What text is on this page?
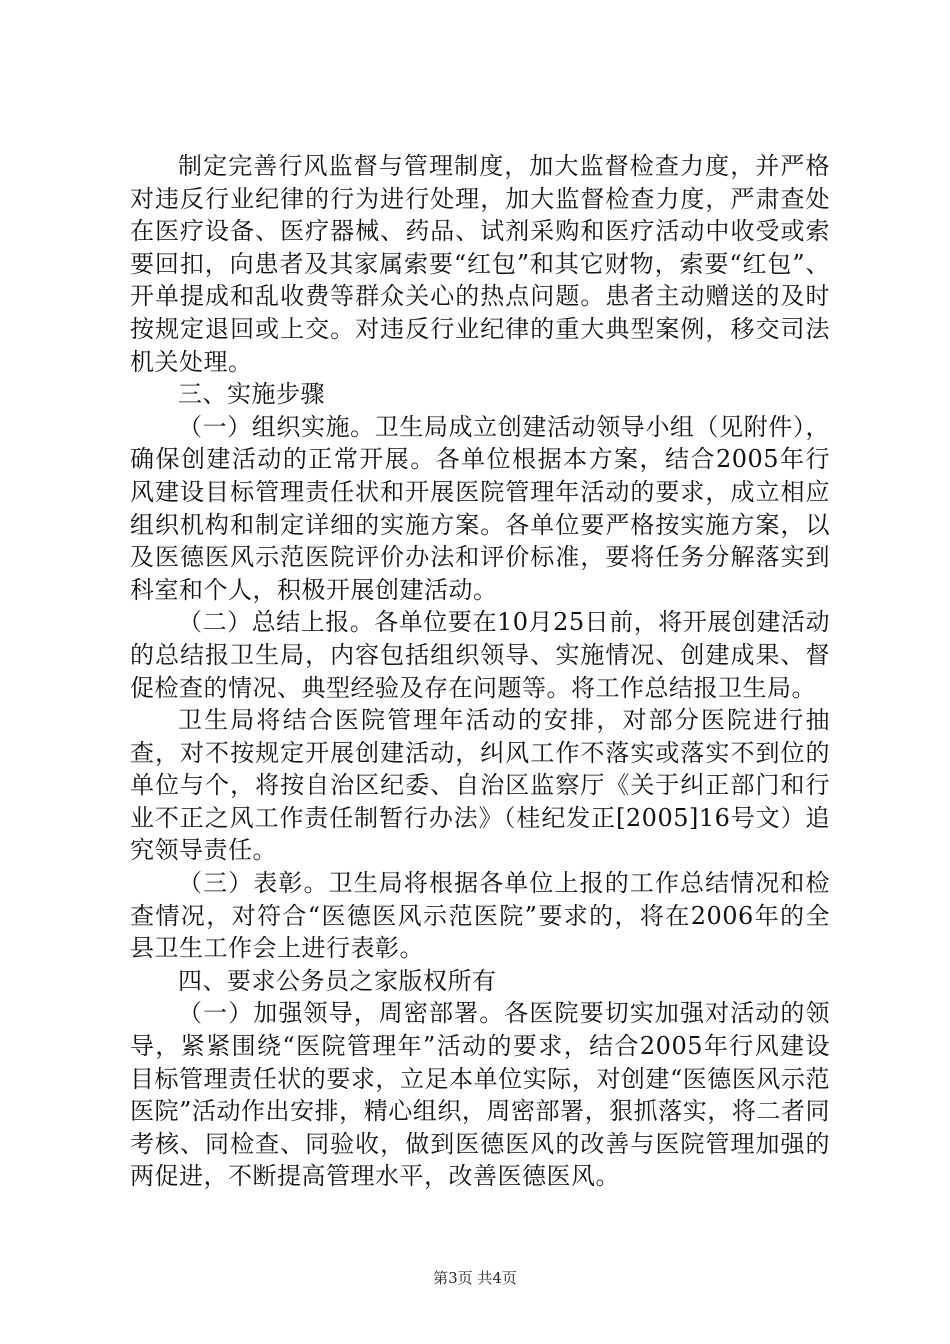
制定完善行风监督与管理制度，加大监督检查力度，并严格对违反行业纪律的行为进行处理，加大监督检查力度，严肃查处在医疗设备、医疗器械、药品、试剂采购和医疗活动中收受或索要回扣，向患者及其家属索要“红包”和其它财物，索要“红包”、开单提成和乱收费等群众关心的热点问题。患者主动赠送的及时按规定退回或上交。对违反行业纪律的重大典型案例，移交司法机关处理。

三、实施步骤

（一）组织实施。卫生局成立创建活动领导小组（见附件），确保创建活动的正常开展。各单位根据本方案，结合2005年行风建设目标管理责任状和开展医院管理年活动的要求，成立相应组织机构和制定详细的实施方案。各单位要严格按实施方案，以及医德医风示范医院评价办法和评价标准，要将任务分解落实到科室和个人，积极开展创建活动。

（二）总结上报。各单位要在10月25日前，将开展创建活动的总结报卫生局，内容包括组织领导、实施情况、创建成果、督促检查的情况、典型经验及存在问题等。将工作总结报卫生局。

卫生局将结合医院管理年活动的安排，对部分医院进行抽查，对不按规定开展创建活动，纠风工作不落实或落实不到位的单位与个，将按自治区纪委、自治区监察厅《关于纠正部门和行业不正之风工作责任制暂行办法》（桂纪发正[2005]16号文）追究领导责任。

（三）表彰。卫生局将根据各单位上报的工作总结情况和检查情况，对符合“医德医风示范医院”要求的，将在2006年的全县卫生工作会上进行表彰。

四、要求公务员之家版权所有

（一）加强领导，周密部署。各医院要切实加强对活动的领导，紧紧围绕“医院管理年”活动的要求，结合2005年行风建设目标管理责任状的要求，立足本单位实际，对创建“医德医风示范医院”活动作出安排，精心组织，周密部署，狠抓落实，将二者同考核、同检查、同验收，做到医德医风的改善与医院管理加强的两促进，不断提高管理水平，改善医德医风。

第3页 共4页
